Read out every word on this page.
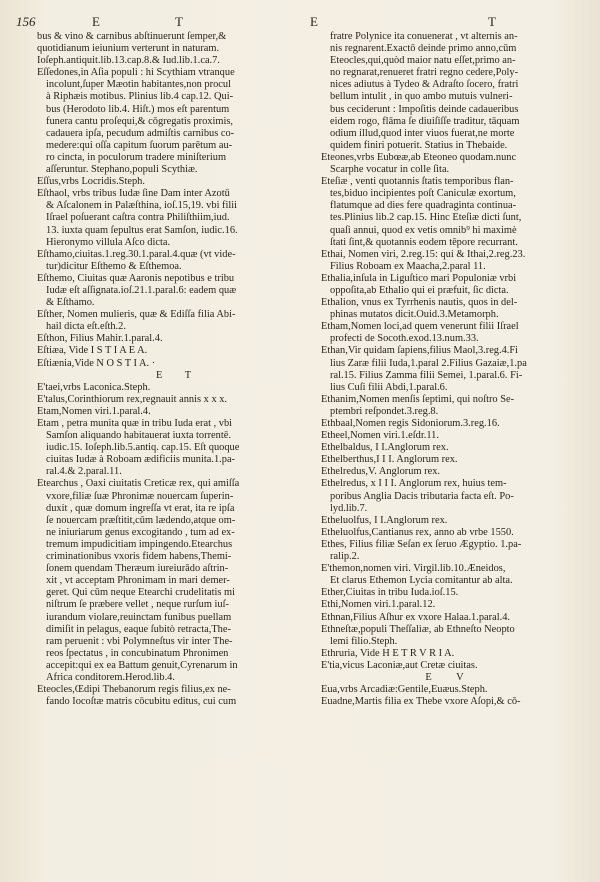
156	E	T	E	T
bus & vino & carnibus abſtinuerunt ſemper,&
quotidianum ieiunium verterunt in naturam.
Ioſeph.antiquit.lib.13.cap.8.& Iud.lib.1.ca.7.
Eſſedones,in Aſia populi : hi Scythiam vtranque
incolunt,ſuper Mæotin habitantes,non procul
à Riphæis motibus. Plinius lib.4 cap.12. Qui-
bus (Herodoto lib.4. Hiſt.) mos eſt parentum
funera cantu proſequi,& cōgregatis proximis,
cadauera ipſa, pecudum admiſtis carnibus co-
medere:qui oſſa capitum ſuorum parētum au-
ro cincta, in poculorum tradere miniſterium
aſſeruntur. Stephano,populi Scythiæ.
Eſſus,vrbs Locridis.Steph.
Eſthaol, vrbs tribus Iudæ ſine Dam inter Azotū
& Aſcalonem in Palæſthina, ioſ.15,19. vbi filii
Iſrael poſuerant caſtra contra Philiſthiim,iud.
13. iuxta quam ſepultus erat Samſon, iudic.16.
Hieronymo villula Aſco dicta.
Eſthamo,ciuitas.1.reg.30.1.paral.4.quæ (vt vide-
tur)dicitur Eſthemo & Eſthemoa.
Eſthemo, Ciuitas quæ Aaronis nepotibus e tribu
Iudæ eſt aſſignata.ioſ.21.1.paral.6: eadem quæ
& Eſthamo.
Eſther, Nomen mulieris, quæ & Ediſſa filia Abi-
hail dicta eſt.eſth.2.
Eſthon, Filius Mahir.1.paral.4.
Eſtiæa, Vide I S T I A E A.
Eſtiænia,Vide N O S T I A. ·
E T
E'taei,vrbs Laconica.Steph.
E'talus,Corinthiorum rex,regnauit annis x x x.
Etam,Nomen viri.1.paral.4.
Etam , petra munita quæ in tribu Iuda erat , vbi
Samſon aliquando habitauerat iuxta torrentē.
iudic.15. Ioſeph.lib.5.antiq. cap.15. Eſt quoque
ciuitas Iudæ à Roboam ædificiis munita.1.pa-
ral.4.& 2.paral.11.
Etearchus , Oaxi ciuitatis Creticæ rex, qui amiſſa
vxore,filiæ ſuæ Phronimæ nouercam ſuperin-
duxit , quæ domum ingreſſa vt erat, ita re ipſa
ſe nouercam præſtitit,cūm lædendo,atque om-
ne iniuriarum genus excogitando , tum ad ex-
tremum impudicitiam impingendo.Etearchus
criminationibus vxoris fidem habens,Themi-
ſonem quendam Theræum iureiurādo aſtrin-
xit , vt acceptam Phronimam in mari demer-
geret. Qui cūm neque Etearchi crudelitatis mi
niſtrum ſe præbere vellet , neque rurſum iuſ-
iurandum violare,reuinctam funibus puellam
dimiſit in pelagus, eaque ſubitò retracta,The-
ram peruenit : vbi Polymneſtus vir inter The-
reos ſpectatus , in concubinatum Phronimen
accepit:qui ex ea Battum genuit,Cyrenarum in
Africa conditorem.Herod.lib.4.
Eteocles,Œdipi Thebanorum regis filius,ex ne-
fando Iocoſtæ matris cōcubitu editus, cui cum
fratre Polynice ita conuenerat , vt alternis an-
nis regnarent.Exactō deinde primo anno,cūm
Eteocles,qui,quòd maior natu eſſet,primo an-
no regnarat,renueret fratri regno cedere,Poly-
nices adiutus à Tydeo & Adraſto ſocero, fratri
bellum intulit , in quo ambo mutuis vulneri-
bus ceciderunt : Impoſitis deinde cadaueribus
eidem rogo, flāma ſe diuiſiſſe traditur, tāquam
odium illud,quod inter viuos fuerat,ne morte
quidem finiri potuerit. Statius in Thebaide.
Eteones,vrbs Eubœæ,ab Eteoneo quodam.nunc
Scarphe vocatur in colle ſita.
Eteſiæ , venti quotannis ſtatis temporibus flan-
tes,biduo incipientes poſt Caniculæ exortum,
flatumque ad dies fere quadraginta continua-
tes.Plinius lib.2 cap.15. Hinc Eteſiæ dicti ſunt,
quaſi annui, quod ex vetis omnib⁹ hi maximè
ſtati ſint,& quotannis eodem tēpore recurrant.
Ethai, Nomen viri, 2.reg.15: qui & Ithai,2.reg.23.
Filius Roboam ex Maacha,2.paral 11.
Ethalia,inſula in Liguſtico mari Populoniæ vrbi
oppoſita,ab Ethalio qui ei præfuit, ſic dicta.
Ethalion, vnus ex Tyrrhenis nautis, quos in del-
phinas mutatos dicit.Ouid.3.Metamorph.
Etham,Nomen loci,ad quem venerunt filii Iſrael
profecti de Socoth.exod.13.num.33.
Ethan,Vir quidam ſapiens,filius Maol,3.reg.4.Fi
lius Zaræ filii Iuda,1.paral 2.Filius Gazaiæ,1.pa
ral.15. Filius Zamma filii Semei, 1.paral.6. Fi-
lius Cuſi filii Abdi,1.paral.6.
Ethanim,Nomen menſis ſeptimi, qui noſtro Se-
ptembri reſpondet.3.reg.8.
Ethbaal,Nomen regis Sidoniorum.3.reg.16.
Etheel,Nomen viri.1.eſdr.11.
Ethelbaldus, I I.Anglorum rex.
Ethelberthus,I I I. Anglorum rex.
Ethelredus,V. Anglorum rex.
Ethelredus, x I I I. Anglorum rex, huius tem-
poribus Anglia Dacis tributaria facta eſt. Po-
lyd.lib.7.
Etheluolfus, I I.Anglorum rex.
Etheluolfus,Cantianus rex, anno ab vrbe 1550.
Ethes, Filius filiæ Seſan ex ſeruo Ægyptio. 1.pa-
ralip.2.
E'themon,nomen viri. Virgil.lib.10.Æneidos,
Et clarus Ethemon Lycia comitantur ab alta.
Ether,Ciuitas in tribu Iuda.ioſ.15.
Ethi,Nomen viri.1.paral.12.
Ethnan,Filius Aſhur ex vxore Halaa.1.paral.4.
Ethneſtæ,populi Theſſaliæ, ab Ethneſto Neopto
lemi filio.Steph.
Ethruria, Vide H E T R V R I A.
E'tia,vicus Laconiæ,aut Cretæ ciuitas.
E V
Eua,vrbs Arcadiæ:Gentile,Euæus.Steph.
Euadne,Martis filia ex Thebe vxore Aſopi,& cō-
